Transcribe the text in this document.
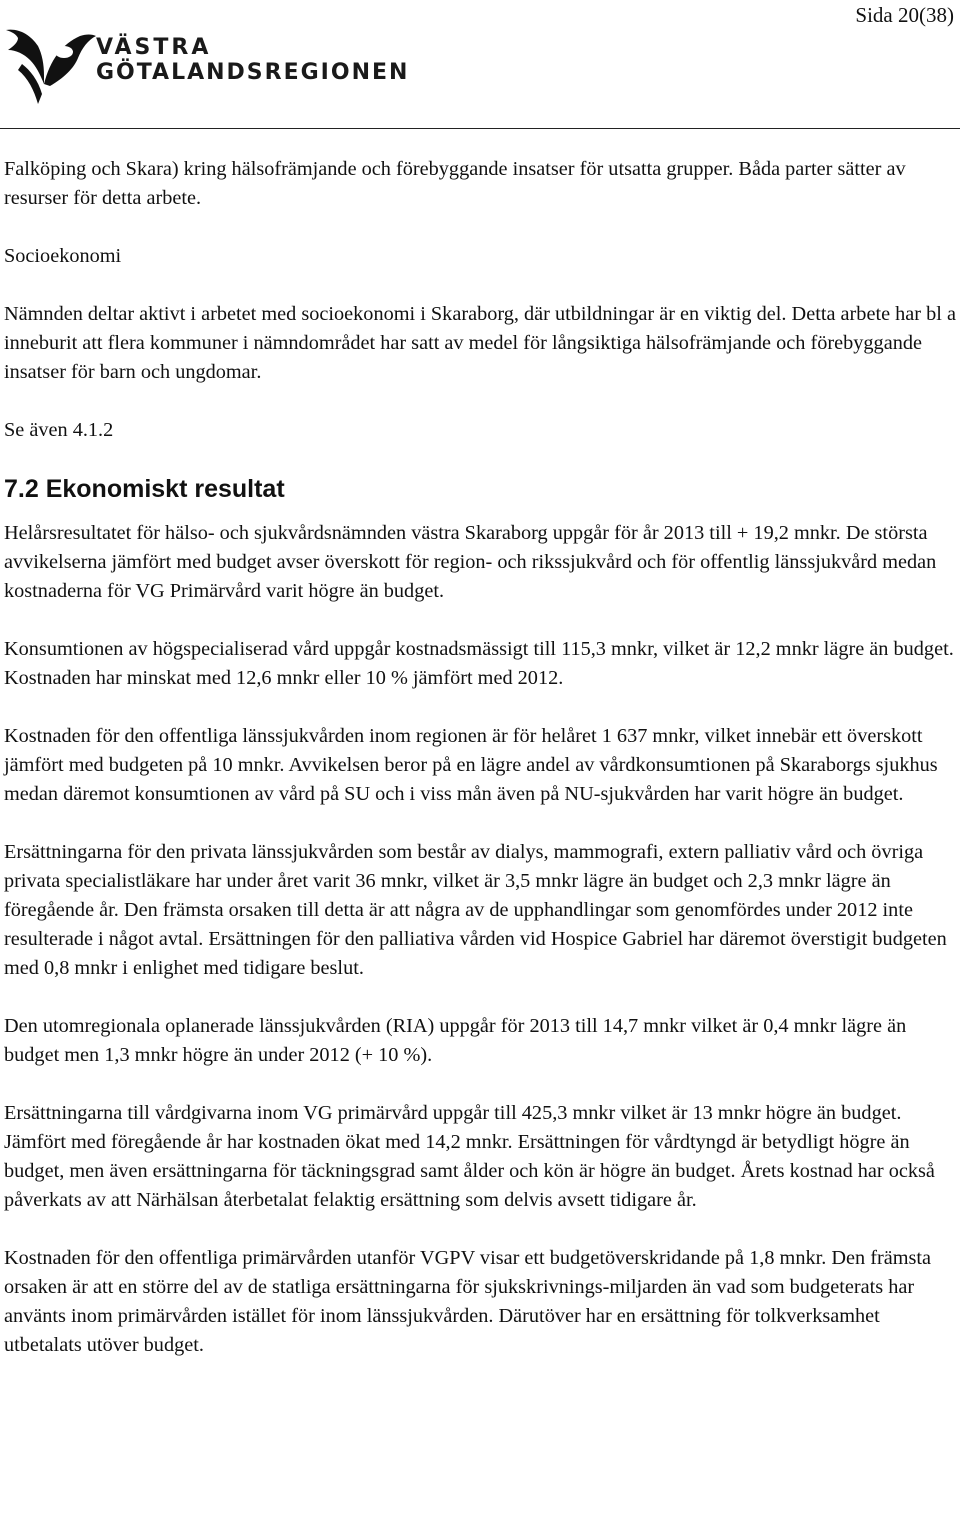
Sida 20(38)
VÄSTRA
GÖTALANDSREGIONEN

Falköping och Skara) kring hälsofrämjande och förebyggande insatser för utsatta grupper. Båda parter sätter av resurser för detta arbete.

Socioekonomi

Nämnden deltar aktivt i arbetet med socioekonomi i Skaraborg, där utbildningar är en viktig del. Detta arbete har bl a inneburit att flera kommuner i nämndområdet har satt av medel för långsiktiga hälsofrämjande och förebyggande insatser för barn och ungdomar.

Se även 4.1.2

7.2 Ekonomiskt resultat

Helårsresultatet för hälso- och sjukvårdsnämnden västra Skaraborg uppgår för år 2013 till + 19,2 mnkr. De största avvikelserna jämfört med budget avser överskott för region- och rikssjukvård och för offentlig länssjukvård medan kostnaderna för VG Primärvård varit högre än budget.

Konsumtionen av högspecialiserad vård uppgår kostnadsmässigt till 115,3 mnkr, vilket är 12,2 mnkr lägre än budget. Kostnaden har minskat med 12,6 mnkr eller 10 % jämfört med 2012.

Kostnaden för den offentliga länssjukvården inom regionen är för helåret 1 637 mnkr, vilket innebär ett överskott jämfört med budgeten på 10 mnkr. Avvikelsen beror på en lägre andel av vårdkonsumtionen på Skaraborgs sjukhus medan däremot konsumtionen av vård på SU och i viss mån även på NU-sjukvården har varit högre än budget.

Ersättningarna för den privata länssjukvården som består av dialys, mammografi, extern palliativ vård och övriga privata specialistläkare har under året varit 36 mnkr, vilket är 3,5 mnkr lägre än budget och 2,3 mnkr lägre än föregående år. Den främsta orsaken till detta är att några av de upphandlingar som genomfördes under 2012 inte resulterade i något avtal. Ersättningen för den palliativa vården vid Hospice Gabriel har däremot överstigit budgeten med 0,8 mnkr i enlighet med tidigare beslut.

Den utomregionala oplanerade länssjukvården (RIA) uppgår för 2013 till 14,7 mnkr vilket är 0,4 mnkr lägre än budget men 1,3 mnkr högre än under 2012 (+ 10 %).

Ersättningarna till vårdgivarna inom VG primärvård uppgår till 425,3 mnkr vilket är 13 mnkr högre än budget. Jämfört med föregående år har kostnaden ökat med 14,2 mnkr. Ersättningen för vårdtyngd är betydligt högre än budget, men även ersättningarna för täckningsgrad samt ålder och kön är högre än budget. Årets kostnad har också påverkats av att Närhälsan återbetalat felaktig ersättning som delvis avsett tidigare år.

Kostnaden för den offentliga primärvården utanför VGPV visar ett budgetöverskridande på 1,8 mnkr. Den främsta orsaken är att en större del av de statliga ersättningarna för sjukskrivnings-miljarden än vad som budgeterats har använts inom primärvården istället för inom länssjukvården. Därutöver har en ersättning för tolkverksamhet utbetalats utöver budget.
